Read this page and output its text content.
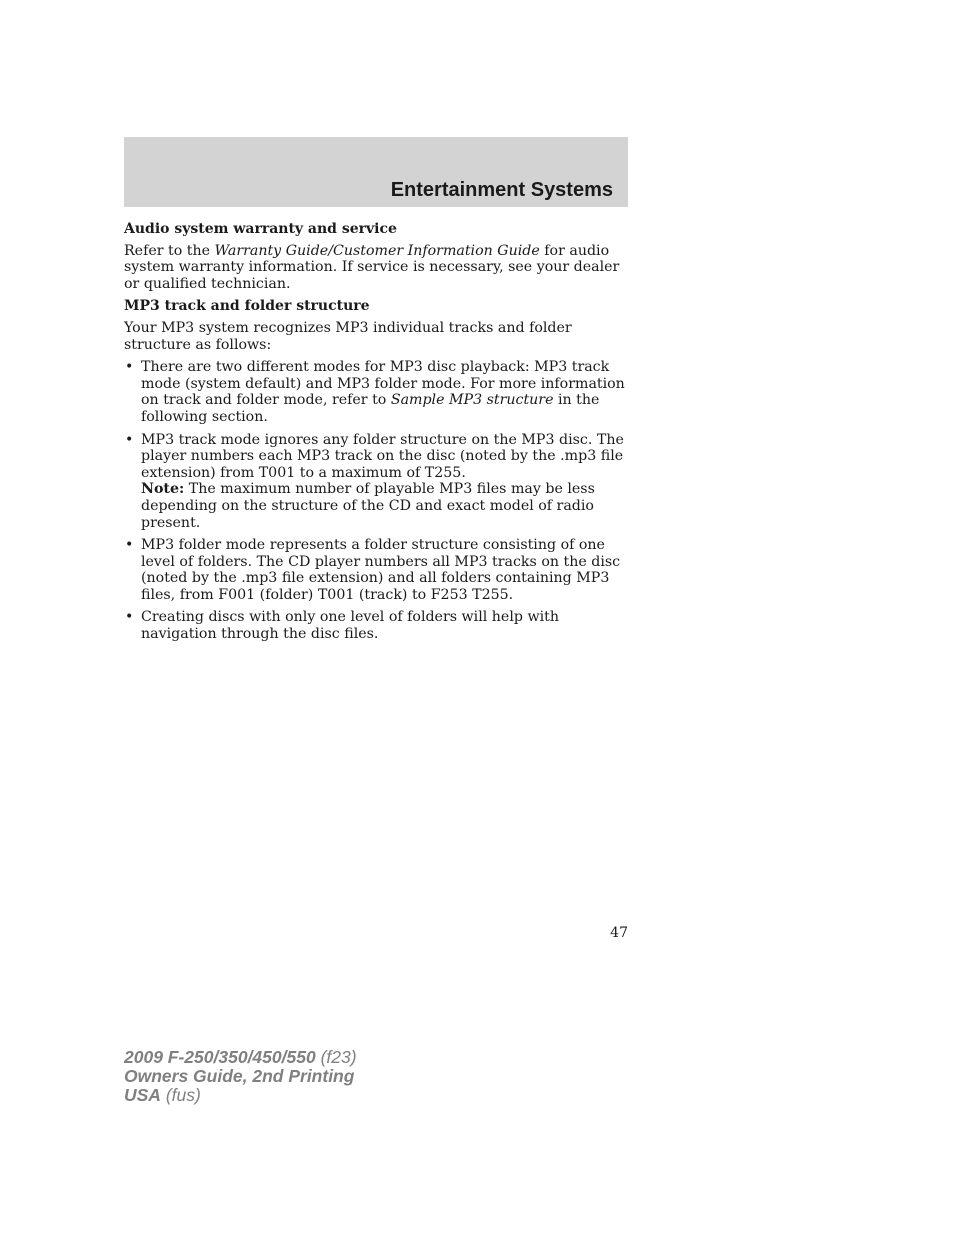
Entertainment Systems

Audio system warranty and service

Refer to the Warranty Guide/Customer Information Guide for audio system warranty information. If service is necessary, see your dealer or qualified technician.

MP3 track and folder structure

Your MP3 system recognizes MP3 individual tracks and folder structure as follows:

• There are two different modes for MP3 disc playback: MP3 track mode (system default) and MP3 folder mode. For more information on track and folder mode, refer to Sample MP3 structure in the following section.
• MP3 track mode ignores any folder structure on the MP3 disc. The player numbers each MP3 track on the disc (noted by the .mp3 file extension) from T001 to a maximum of T255.
Note: The maximum number of playable MP3 files may be less depending on the structure of the CD and exact model of radio present.
• MP3 folder mode represents a folder structure consisting of one level of folders. The CD player numbers all MP3 tracks on the disc (noted by the .mp3 file extension) and all folders containing MP3 files, from F001 (folder) T001 (track) to F253 T255.
• Creating discs with only one level of folders will help with navigation through the disc files.
47
2009 F-250/350/450/550 (f23)
Owners Guide, 2nd Printing
USA (fus)
